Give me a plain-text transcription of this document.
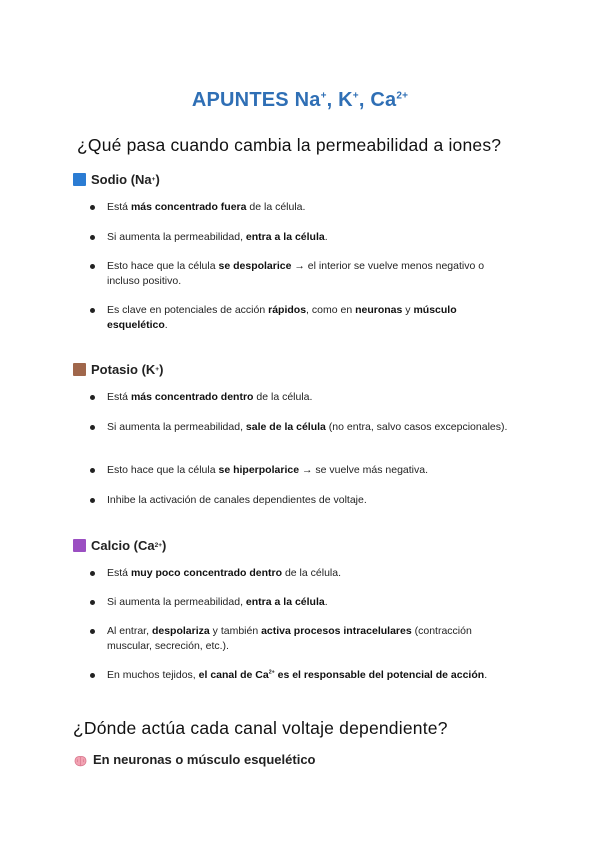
APUNTES Na+, K+, $Ca^{2+}$
¿Qué pasa cuando cambia la permeabilidad a iones?
Sodio (Na + )
Está más concentrado fuera de la célula.
Si aumenta la permeabilidad, entra a la célula.
Esto hace que la célula se despolarice → el interior se vuelve menos negativo o incluso positivo.
Es clave en potenciales de acción rápidos, como en neuronas y músculo esquelético.
Potasio (K + )
Está más concentrado dentro de la célula.
Si aumenta la permeabilidad, sale de la célula (no entra, salvo casos excepcionales).
Esto hace que la célula se hiperpolarice → se vuelve más negativa.
Inhibe la activación de canales dependientes de voltaje.
Calcio (Ca 2+ )
Está muy poco concentrado dentro de la célula.
Si aumenta la permeabilidad, entra a la célula.
Al entrar, despolariza y también activa procesos intracelulares (contracción muscular, secreción, etc.).
En muchos tejidos, el canal de $Ca^{2+}$ es el responsable del potencial de acción.
¿Dónde actúa cada canal voltaje dependiente?
En neuronas o músculo esquelético
